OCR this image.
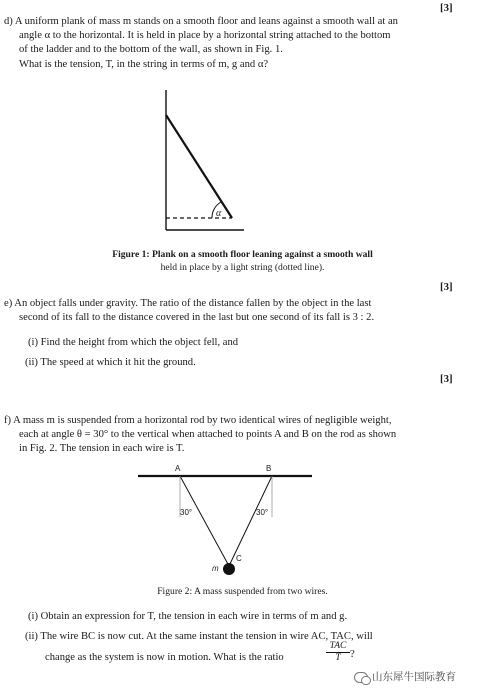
[3]
d) A uniform plank of mass m stands on a smooth floor and leans against a smooth wall at an
angle α to the horizontal. It is held in place by a horizontal string attached to the bottom
of the ladder and to the bottom of the wall, as shown in Fig. 1.
What is the tension, T, in the string in terms of m, g and α?
α
Figure 1: Plank on a smooth floor leaning against a smooth wall
held in place by a light string (dotted line).
[3]
e) An object falls under gravity. The ratio of the distance fallen by the object in the last
second of its fall to the distance covered in the last but one second of its fall is 3 : 2.
(i) Find the height from which the object fell, and
(ii) The speed at which it hit the ground.
[3]
f) A mass m is suspended from a horizontal rod by two identical wires of negligible weight,
each at angle θ = 30° to the vertical when attached to points A and B on the rod as shown
in Fig. 2. The tension in each wire is T.
A	B
30°	30°
C
m
Figure 2: A mass suspended from two wires.
(i) Obtain an expression for T, the tension in each wire in terms of m and g.
(ii) The wire BC is now cut. At the same instant the tension in wire AC, TAC, will
change as the system is now in motion. What is the ratio
TAC
T ?
山东犀牛国际教育
